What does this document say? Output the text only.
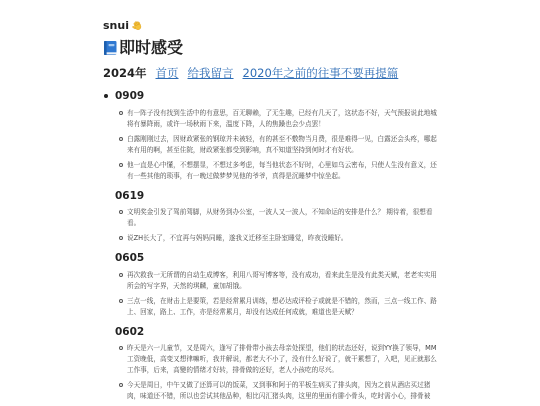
snui
即时感受
2024年 首页 给我留言 2020年之前的往事不要再提篇
0909
有一阵子没有找到生活中的有意思，百无聊赖，了无生趣，已经有几天了，这状态不好，天气预报说此地城将有暴降雨，或许一场秋雨下来，温度下降，人的焦躁也会少点罢！
白露刚刚过去，因财政紧张的钢琼并未被轻，有的甚至不敷物当月费，很是难得一见，白露还会头疼，哪起来有用的啊，甚至住院，财政紧张都受到影响，真不知道坚持到何时才有好状。
他一直是心中懂，不想摆显，不想过多考虑，每当他状态不好时，心里如乌云密布，只使人生没有意义，还有一些其他的琐事，有一晚过做梦梦见他的爷爷，真得是沉睡梦中惊坐起。
0619
文明奖金引发了驾前驾脚，从财务到办公室，一波人又一波人，不知命运的安排是什么？ 期待着，很想看看。
说ZH长大了，不宜再与妈妈同睡，遂我义迁移至主卧室睡觉，昨夜没睡好。
0605
再次救我一无所谓的自动生成博客，利用八哥写博客等，没有成功，看来此生是没有此类天赋，老老实实用所会的写字界，天然的琪麟，童加胡饿。
三点一线，在财击上是要策，若是经常累月训练，想必达成评检子或就是不错的，然而，三点一线工作、路上、回家，路上、工作，亦是经常累月，却没有达成任何成就，难道也是天赋？
0602
昨天是六一儿童节，又是周六，逢写了排骨带小孩去母亲处探望，他们的状态还好，说到YY换了领导，MM工资晚低，高变又想律嘛听，我并解说，都老大不小了，没有什么好说了，就干累想了，入吧，见正就那么工作事，后来，高變的情绪才好转，排骨做的还好，老人小孩吃的尽兴。
今天是周日，中午又做了还算可以的饭菜，又到事和阿于的平板生病买了排头肉，因为之前从酒店买过猪肉，味道还不错，所以也尝试其他品种，相比闪汇猪头肉，这里的里面有腓小骨头，吃时需小心，排骨被
